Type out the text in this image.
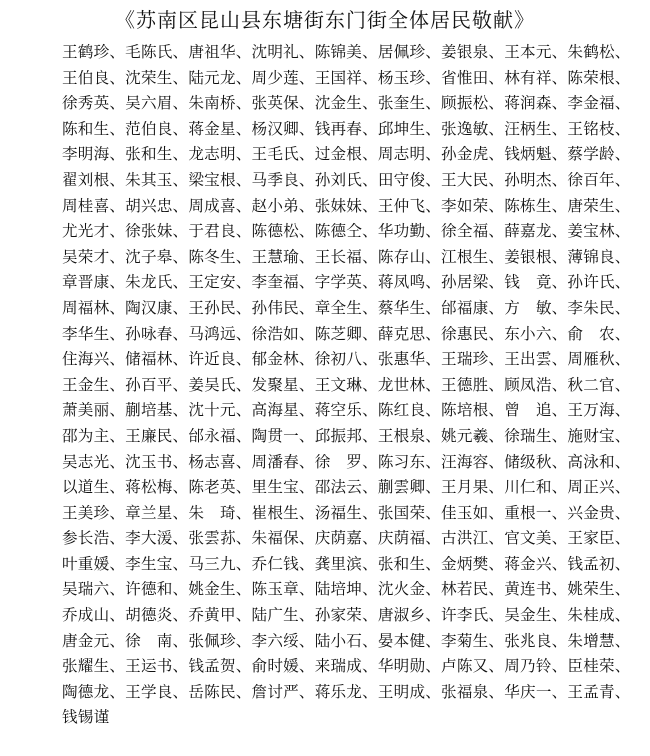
《苏南区昆山县东塘街东门街全体居民敬献》
王鹤珍、毛陈氏、唐祖华、沈明礼、陈锦美、居佩珍、姜银泉、王本元、朱鹤松、
王伯良、沈荣生、陆元龙、周少莲、王国祥、杨玉珍、省惟田、林有祥、陈荣根、
徐秀英、吴六眉、朱南桥、张英保、沈金生、张奎生、顾振松、蒋润森、李金福、
陈和生、范伯良、蒋金星、杨汉卿、钱再春、邱坤生、张逸敏、汪柄生、王铭枝、
李明海、张和生、龙志明、王毛氏、过金根、周志明、孙金虎、钱炳魁、蔡学龄、
翟刘根、朱其玉、梁宝根、马季良、孙刘氏、田守俊、王大民、孙明杰、徐百年、
周桂喜、胡兴忠、周成喜、赵小弟、张妹妹、王仲飞、李如荣、陈栋生、唐荣生、
尤光才、徐张妹、于君良、陈德松、陈德仝、华功勤、徐全福、薛嘉龙、姜宝林、
吴荣才、沈子皋、陈冬生、王慧瑜、王长福、陈存山、江根生、姜银根、薄锦良、
章晋康、朱龙氏、王定安、李奎福、字学英、蒋凤鸣、孙居梁、钱　竟、孙许氏、
周福林、陶汉康、王孙民、孙伟民、章全生、蔡华生、邰福康、方　敏、李朱民、
李华生、孙咏春、马鸿远、徐浩如、陈芝卿、薛克思、徐惠民、东小六、俞　农、
住海兴、储福林、许近良、郁金林、徐初八、张惠华、王瑞珍、王出雲、周雁秋、
王金生、孙百平、姜吴氏、发聚星、王文琳、龙世林、王德胜、顾凤浩、秋二官、
萧美丽、蒯培基、沈十元、高海星、蒋空乐、陈红良、陈培根、曾　追、王万海、
邵为主、王廉民、邰永福、陶贯一、邱振邦、王根泉、姚元羲、徐瑞生、施财宝、
吴志光、沈玉书、杨志喜、周潘春、徐　罗、陈习东、汪海容、储级秋、高泳和、
以道生、蒋松梅、陈老英、里生宝、邵法云、蒯雲卿、王月果、川仁和、周正兴、
王美珍、章兰星、朱　琦、崔根生、汤福生、张国荣、佳玉如、重根一、兴金贵、
参长浩、李大湲、张雲荪、朱福保、庆荫嘉、庆荫福、古洪江、官文美、王家臣、
叶重媛、李生宝、马三九、乔仁钱、龚里滨、张和生、金炳樊、蒋金兴、钱孟初、
吴瑞六、许德和、姚金生、陈玉章、陆培坤、沈火金、林若民、黄连书、姚荣生、
乔成山、胡德炎、乔黄甲、陆广生、孙家荣、唐淑乡、许李氏、吴金生、朱桂成、
唐金元、徐　南、张佩珍、李六绥、陆小石、晏本健、李菊生、张兆良、朱增慧、
张耀生、王运书、钱孟贺、俞时媛、来瑞成、华明勋、卢陈又、周乃铃、臣桂荣、
陶德龙、王学良、岳陈民、詹讨严、蒋乐龙、王明成、张福泉、华庆一、王孟青、
钱锡谨
